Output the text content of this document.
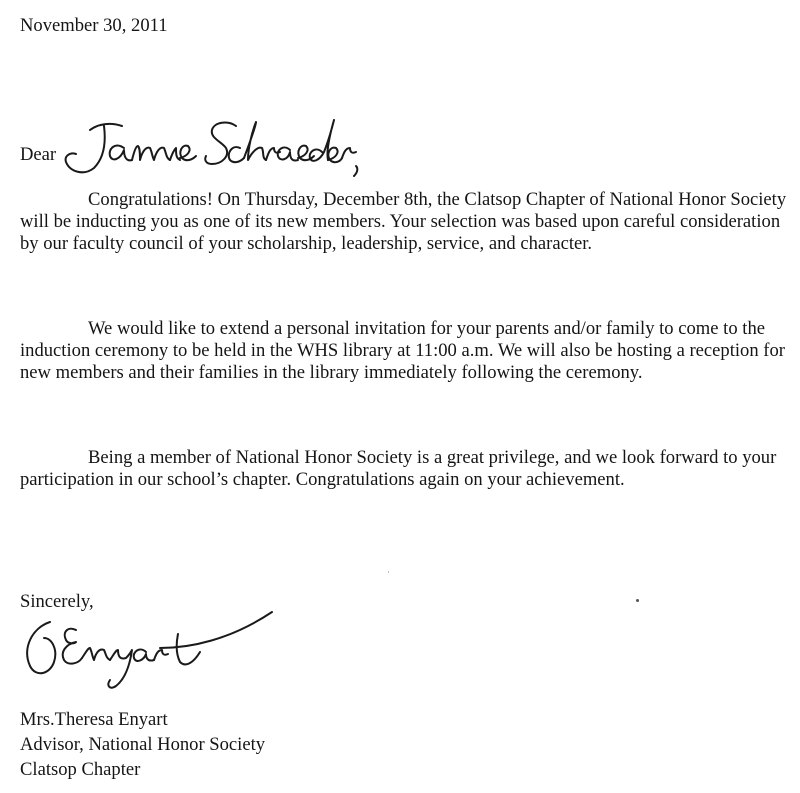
November 30, 2011
Dear

Congratulations! On Thursday, December 8th, the Clatsop Chapter of National Honor Society will be inducting you as one of its new members. Your selection was based upon careful consideration by our faculty council of your scholarship, leadership, service, and character.

We would like to extend a personal invitation for your parents and/or family to come to the induction ceremony to be held in the WHS library at 11:00 a.m. We will also be hosting a reception for new members and their families in the library immediately following the ceremony.

Being a member of National Honor Society is a great privilege, and we look forward to your participation in our school’s chapter. Congratulations again on your achievement.

Sincerely,
Mrs.Theresa Enyart
Advisor, National Honor Society
Clatsop Chapter
